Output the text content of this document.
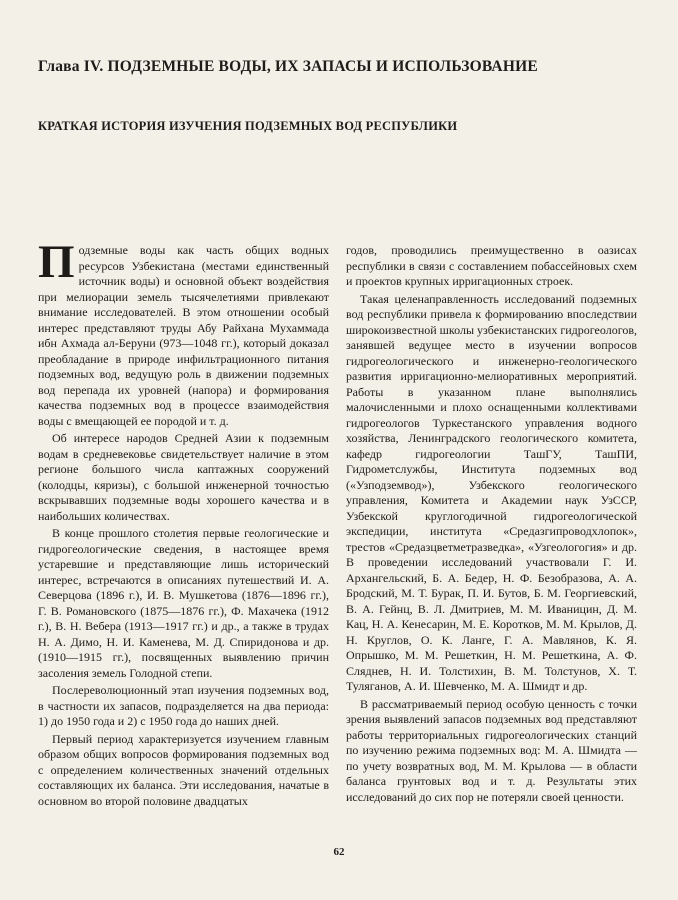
Глава IV. ПОДЗЕМНЫЕ ВОДЫ, ИХ ЗАПАСЫ И ИСПОЛЬЗОВАНИЕ
КРАТКАЯ ИСТОРИЯ ИЗУЧЕНИЯ ПОДЗЕМНЫХ ВОД РЕСПУБЛИКИ

Подземные воды как часть общих водных ресурсов Узбекистана (местами единственный источник воды) и основной объект воздействия при мелиорации земель тысячелетиями привлекают внимание исследователей. В этом отношении особый интерес представляют труды Абу Райхана Мухаммада ибн Ахмада ал-Беруни (973—1048 гг.), который доказал преобладание в природе инфильтрационного питания подземных вод, ведущую роль в движении подземных вод перепада их уровней (напора) и формирования качества подземных вод в процессе взаимодействия воды с вмещающей ее породой и т. д.

Об интересе народов Средней Азии к подземным водам в средневековье свидетельствует наличие в этом регионе большого числа каптажных сооружений (колодцы, кяризы), с большой инженерной точностью вскрывавших подземные воды хорошего качества и в наибольших количествах.

В конце прошлого столетия первые геологические и гидрогеологические сведения, в настоящее время устаревшие и представляющие лишь исторический интерес, встречаются в описаниях путешествий И. А. Северцова (1896 г.), И. В. Мушкетова (1876—1896 гг.), Г. В. Романовского (1875—1876 гг.), Ф. Махачека (1912 г.), В. Н. Вебера (1913—1917 гг.) и др., а также в трудах Н. А. Димо, Н. И. Каменева, М. Д. Спиридонова и др. (1910—1915 гг.), посвященных выявлению причин засоления земель Голодной степи.

Послереволюционный этап изучения подземных вод, в частности их запасов, подразделяется на два периода: 1) до 1950 года и 2) с 1950 года до наших дней.

Первый период характеризуется изучением главным образом общих вопросов формирования подземных вод с определением количественных значений отдельных составляющих их баланса. Эти исследования, начатые в основном во второй половине двадцатых

годов, проводились преимущественно в оазисах республики в связи с составлением побассейновых схем и проектов крупных ирригационных строек.

Такая целенаправленность исследований подземных вод республики привела к формированию впоследствии широкоизвестной школы узбекистанских гидрогеологов, занявшей ведущее место в изучении вопросов гидрогеологического и инженерно-геологического развития ирригационно-мелиоративных мероприятий. Работы в указанном плане выполнялись малочисленными и плохо оснащенными коллективами гидрогеологов Туркестанского управления водного хозяйства, Ленинградского геологического комитета, кафедр гидрогеологии ТашГУ, ТашПИ, Гидрометслужбы, Института подземных вод («Узподземвод»), Узбекского геологического управления, Комитета и Академии наук УзССР, Узбекской круглогодичной гидрогеологической экспедиции, института «Средазгипроводхлопок», трестов «Средазцветметразведка», «Узгеологогия» и др. В проведении исследований участвовали Г. И. Архангельский, Б. А. Бедер, Н. Ф. Безобразова, А. А. Бродский, М. Т. Бурак, П. И. Бутов, Б. М. Георгиевский, В. А. Гейнц, В. Л. Дмитриев, М. М. Иваницин, Д. М. Кац, Н. А. Кенесарин, М. Е. Коротков, М. М. Крылов, Д. Н. Круглов, О. К. Ланге, Г. А. Мавлянов, К. Я. Опрышко, М. М. Решеткин, Н. М. Решеткина, А. Ф. Сляднев, Н. И. Толстихин, В. М. Толстунов, Х. Т. Туляганов, А. И. Шевченко, М. А. Шмидт и др.

В рассматриваемый период особую ценность с точки зрения выявлений запасов подземных вод представляют работы территориальных гидрогеологических станций по изучению режима подземных вод: М. А. Шмидта — по учету возвратных вод, М. М. Крылова — в области баланса грунтовых вод и т. д. Результаты этих исследований до сих пор не потеряли своей ценности.

62
